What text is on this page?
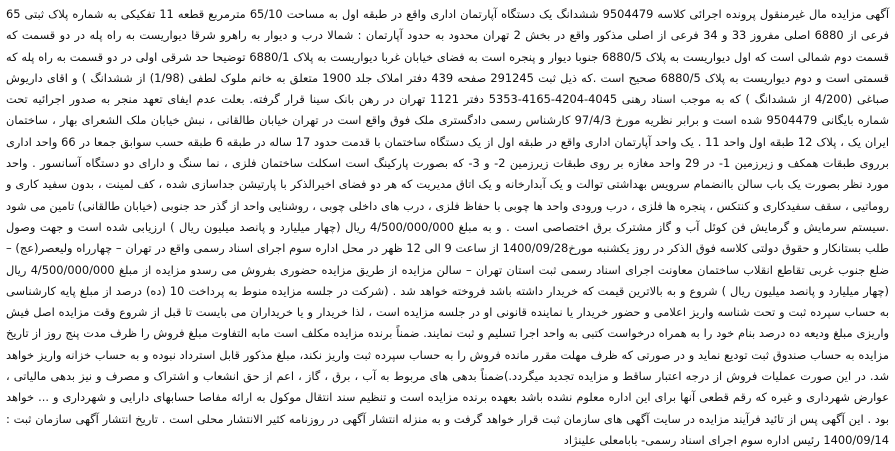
آگهی مزایده مال غیرمنقول پرونده اجرائی کلاسه 9504479 ششدانگ یک دستگاه آپارتمان اداری واقع در طبقه اول به مساحت 65/10 مترمربع قطعه 11 تفکیکی به شماره پلاک ثبتی 65 فرعی از 6880 اصلی مفروز 33 و 34 فرعی از اصلی مذکور واقع در بخش 2 تهران محدود به حدود آپارتمان : شمالا درب و دیوار به راهرو شرقا دیواریست به راه پله در دو قسمت که قسمت دوم شمالی است که اول دیواریست به پلاک 6880/5 جنوبا دیوار و پنجره است به فضای خیابان غربا دیواریست به پلاک 6880/1 توضیحا حد شرقی اولی در دو قسمت به راه پله که قسمتی است و دوم دیواریست به پلاک 6880/5 صحیح است .که ذیل ثبت 291245 صفحه 439 دفتر املاک جلد 1900 متعلق به خانم ملوک لطفی (1/98) از ششدانگ ) و اقای داریوش صباغی (4/200 از ششدانگ ) که به موجب اسناد رهنی 4045-4204-4165-5353 دفتر 1121 تهران در رهن بانک سینا قرار گرفته. بعلت عدم ایفای تعهد منجر به صدور اجرائیه تحت شماره بایگانی 9504479 شده است و برابر نظریه مورخ 97/4/3 کارشناس رسمی دادگستری ملک فوق واقع است در تهران خیابان طالقانی ، نبش خیابان ملک الشعرای بهار ، ساختمان ایران یک ، پلاک 12 طبقه اول واحد 11 . یک واحد آپارتمان اداری واقع در طبقه اول از یک دستگاه ساختمان با قدمت حدود 17 ساله در طبقه 6 طبقه حسب سوابق جمعا در 66 واحد اداری برروی طبقات همکف و زیرزمین 1- در 29 واحد مغازه بر روی طبقات زیرزمین 2- و 3- که بصورت پارکینگ است اسکلت ساختمان فلزی ، نما سنگ و دارای دو دستگاه آسانسور . واحد مورد نظر بصورت یک باب سالن باانضمام سرویس بهداشتی توالت و یک آبدارخانه و یک اتاق مدیریت که هر دو فضای اخیرالذکر با پارتیشن جداسازی شده ، کف لمینت ، بدون سفید کاری و روماتیی ، سقف سفیدکاری و کنتکس ، پنجره ها فلزی ، درب ورودی واحد ها چوبی با حفاظ فلزی ، درب های داخلی چوبی ، روشنایی واحد از گذر حد جنوبی (خیابان طالقانی) تامین می شود .سیستم سرمایش و گرمایش فن کوئل آب و گاز مشترک برق اختصاصی است . و به مبلغ 4/500/000/000 ریال (چهار میلیارد و پانصد میلیون ریال ) ارزیابی شده است و جهت وصول طلب بستانکار و حقوق دولتی کلاسه فوق الذکر در روز یکشنبه مورخ1400/09/28 از ساعت 9 الی 12 ظهر در محل اداره سوم اجرای اسناد رسمی واقع در تهران – چهارراه ولیعصر(عج) – ضلع جنوب غربی تقاطع انقلاب ساختمان معاونت اجرای اسناد رسمی ثبت استان تهران – سالن مزایده از طریق مزایده حضوری بفروش می رسدو مزایده از مبلغ 4/500/000/000 ریال (چهار میلیارد و پانصد میلیون ریال ) شروع و به بالاترین قیمت که خریدار داشته باشد فروخته خواهد شد . (شرکت در جلسه مزایده منوط به پرداخت 10 (ده) درصد از مبلغ پایه کارشناسی به حساب سپرده ثبت و تحت شناسه واریز اعلامی و حضور خریدار یا نماینده قانونی او در جلسه مزایده است ، لذا خریدار و یا خریداران می بایست تا قبل از شروع وقت مزایده اصل فیش واریزی مبلغ ودیعه ده درصد بنام خود را به همراه درخواست کتبی به واحد اجرا تسلیم و ثبت نمایند. ضمناً برنده مزایده مکلف است مابه التفاوت مبلغ فروش را ظرف مدت پنج روز از تاریخ مزایده به حساب صندوق ثبت تودیع نماید و در صورتی که ظرف مهلت مقرر مانده فروش را به حساب سپرده ثبت واریز نکند، مبلغ مذکور قابل استرداد نبوده و به حساب خزانه واریز خواهد شد. در این صورت عملیات فروش از درجه اعتبار ساقط و مزایده تجدید میگردد.)ضمناً بدهی های مربوط به آب ، برق ، گاز ، اعم از حق انشعاب و اشتراک و مصرف و نیز بدهی مالیاتی ، عوارض شهرداری و غیره که رقم قطعی آنها برای این اداره معلوم نشده باشد بعهده برنده مزایده است و تنظیم سند انتقال موکول به ارائه مفاصا حسابهای دارایی و شهرداری و ... خواهد بود . این آگهی پس از تائید فرآیند مزایده در سایت آگهی های سازمان ثبت قرار خواهد گرفت و به منزله انتشار آگهی در روزنامه کثیر الانتشار محلی است . تاریخ انتشار آگهی سازمان ثبت : 1400/09/14 رئیس اداره سوم اجرای اسناد رسمی- بابامعلی علینژاد
